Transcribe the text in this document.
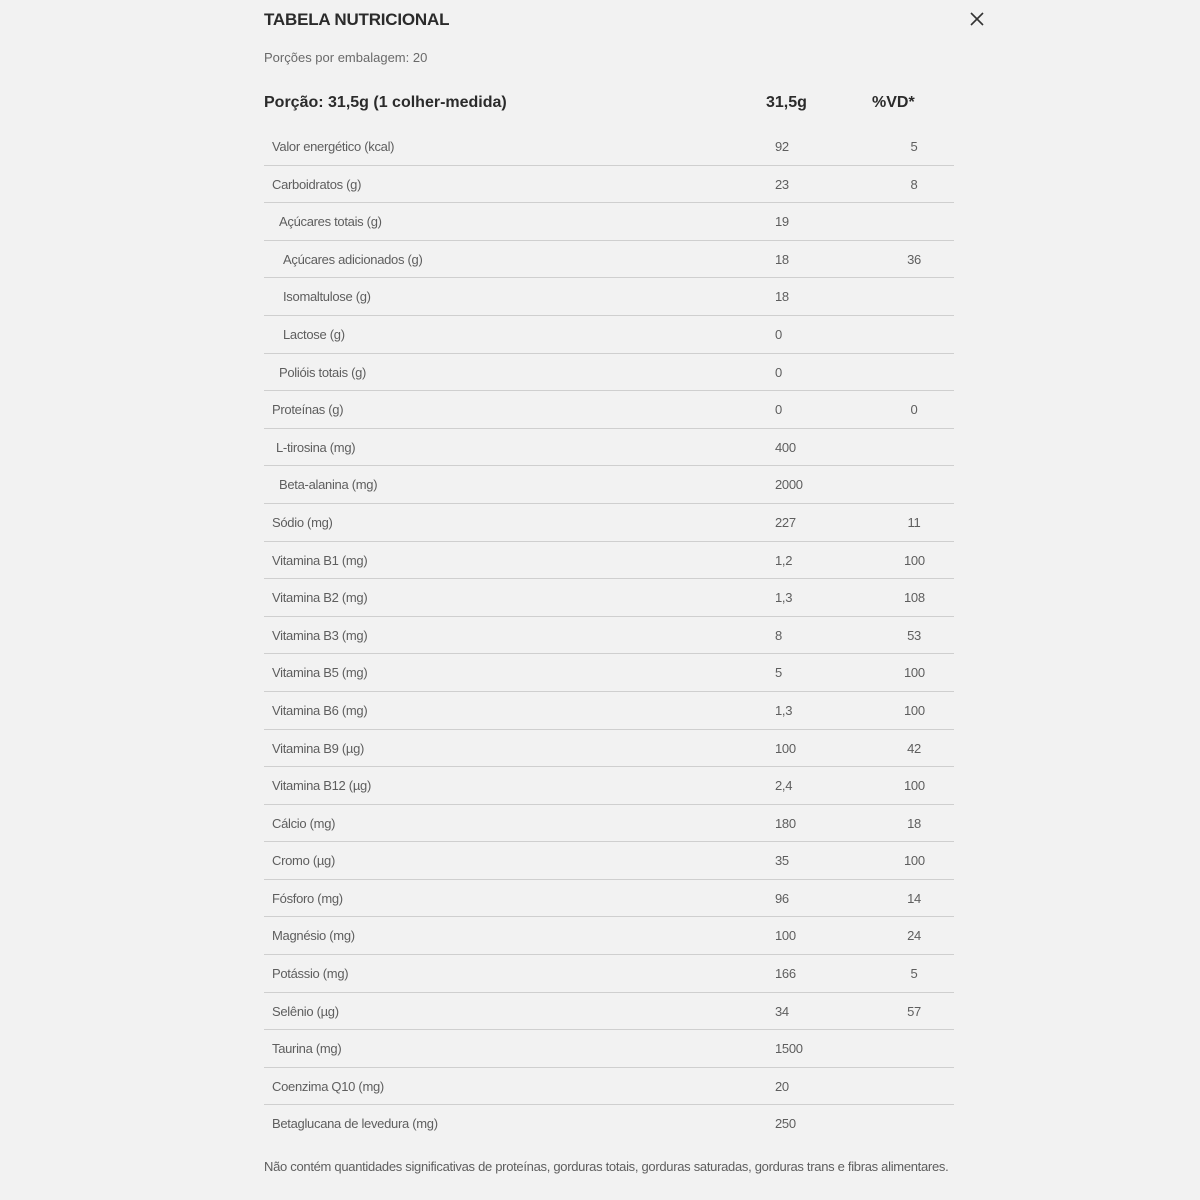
TABELA NUTRICIONAL
Porções por embalagem: 20
Porção: 31,5g (1 colher-medida)	31,5g	%VD*
Valor energético (kcal)	92	5
Carboidratos (g)	23	8
Açúcares totais (g)	19
Açúcares adicionados (g)	18	36
Isomaltulose (g)	18
Lactose (g)	0
Polióis totais (g)	0
Proteínas (g)	0	0
L-tirosina (mg)	400
Beta-alanina (mg)	2000
Sódio (mg)	227	11
Vitamina B1 (mg)	1,2	100
Vitamina B2 (mg)	1,3	108
Vitamina B3 (mg)	8	53
Vitamina B5 (mg)	5	100
Vitamina B6 (mg)	1,3	100
Vitamina B9 (µg)	100	42
Vitamina B12 (µg)	2,4	100
Cálcio (mg)	180	18
Cromo (µg)	35	100
Fósforo (mg)	96	14
Magnésio (mg)	100	24
Potássio (mg)	166	5
Selênio (µg)	34	57
Taurina (mg)	1500
Coenzima Q10 (mg)	20
Betaglucana de levedura (mg)	250
Não contém quantidades significativas de proteínas, gorduras totais, gorduras saturadas, gorduras trans e fibras alimentares.
